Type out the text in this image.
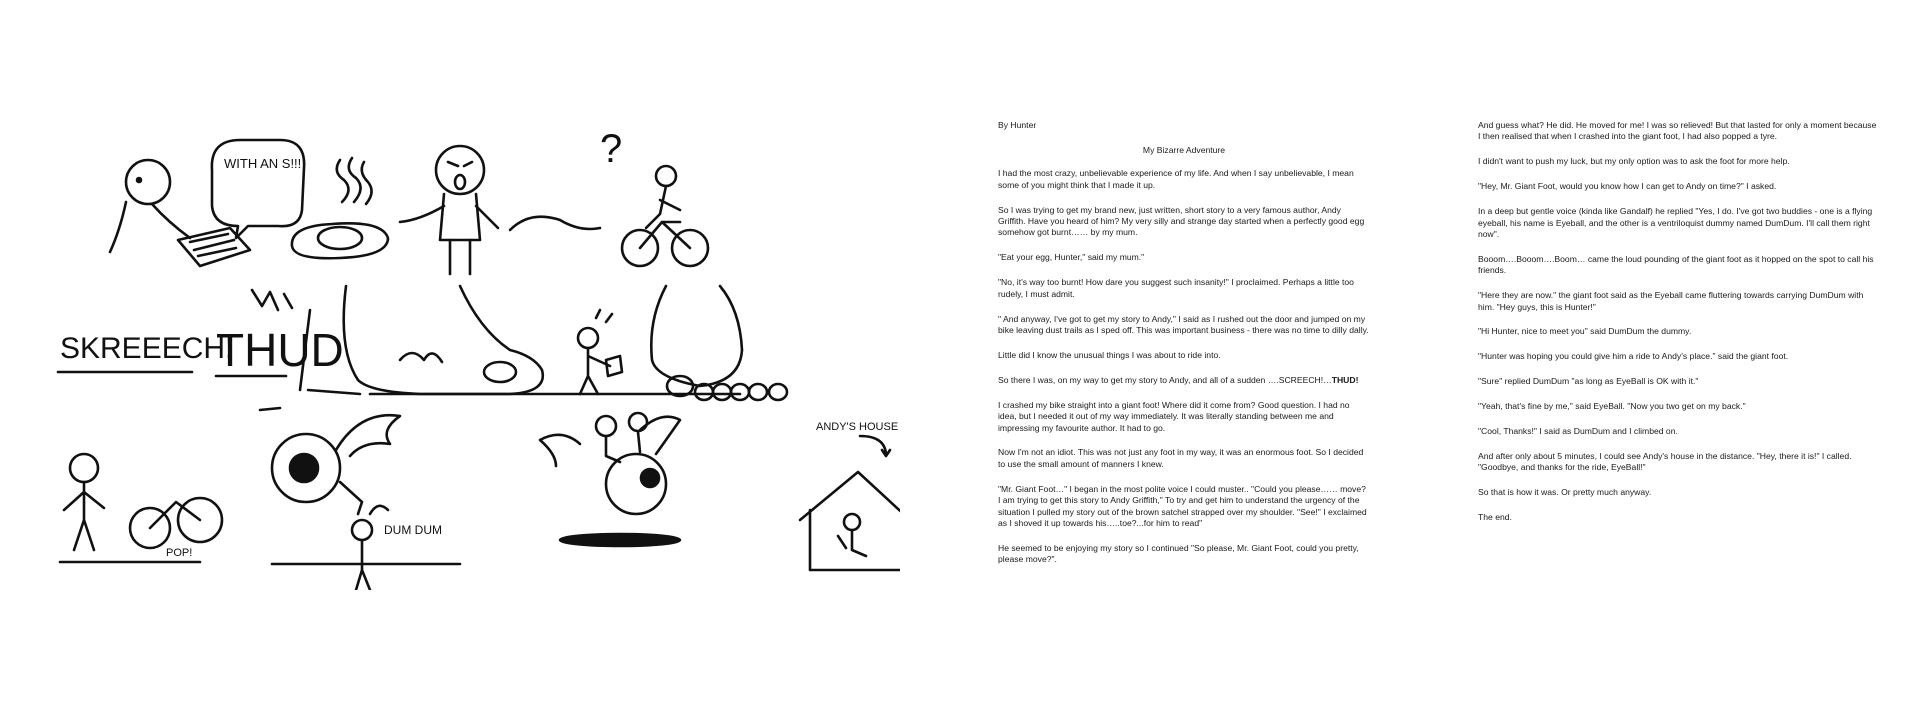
WITH AN S!!!	?
SKREEECH!
THUD
POP!
DUM DUM
ANDY'S HOUSE

By Hunter

My Bizarre Adventure

I had the most crazy, unbelievable experience of my life. And when I say unbelievable, I mean some of you might think that I made it up.

So I was trying to get my brand new, just written, short story to a very famous author, Andy Griffith. Have you heard of him? My very silly and strange day started when a perfectly good egg somehow got burnt…… by my mum.

"Eat your egg, Hunter," said my mum."

"No, it's way too burnt! How dare you suggest such insanity!" I proclaimed. Perhaps a little too rudely, I must admit.

" And anyway, I've got to get my story to Andy," I said as I rushed out the door and jumped on my bike leaving dust trails as I sped off. This was important business - there was no time to dilly dally.

Little did I know the unusual things I was about to ride into.

So there I was, on my way to get my story to Andy, and all of a sudden ….SCREECH!…THUD!

I crashed my bike straight into a giant foot! Where did it come from? Good question. I had no idea, but I needed it out of my way immediately. It was literally standing between me and impressing my favourite author. It had to go.

Now I'm not an idiot. This was not just any foot in my way, it was an enormous foot. So I decided to use the small amount of manners I knew.

"Mr. Giant Foot…" I began in the most polite voice I could muster.. "Could you please…… move? I am trying to get this story to Andy Griffith," To try and get him to understand the urgency of the situation I pulled my story out of the brown satchel strapped over my shoulder. "See!" I exclaimed as I shoved it up towards his…..toe?...for him to read"

He seemed to be enjoying my story so I continued "So please, Mr. Giant Foot, could you pretty, please move?".

And guess what? He did. He moved for me! I was so relieved! But that lasted for only a moment because I then realised that when I crashed into the giant foot, I had also popped a tyre.

I didn't want to push my luck, but my only option was to ask the foot for more help.

"Hey, Mr. Giant Foot, would you know how I can get to Andy on time?" I asked.

In a deep but gentle voice (kinda like Gandalf) he replied "Yes, I do. I've got two buddies - one is a flying eyeball, his name is Eyeball, and the other is a ventriloquist dummy named DumDum. I'll call them right now".

Booom….Booom….Boom… came the loud pounding of the giant foot as it hopped on the spot to call his friends.

"Here they are now." the giant foot said as the Eyeball came fluttering towards carrying DumDum with him. "Hey guys, this is Hunter!"

"Hi Hunter, nice to meet you" said DumDum the dummy.

"Hunter was hoping you could give him a ride to Andy's place." said the giant foot.

"Sure" replied DumDum "as long as EyeBall is OK with it."

"Yeah, that's fine by me," said EyeBall. "Now you two get on my back."

"Cool, Thanks!" I said as DumDum and I climbed on.

And after only about 5 minutes, I could see Andy's house in the distance. "Hey, there it is!" I called. "Goodbye, and thanks for the ride, EyeBall!"

So that is how it was. Or pretty much anyway.

The end.
